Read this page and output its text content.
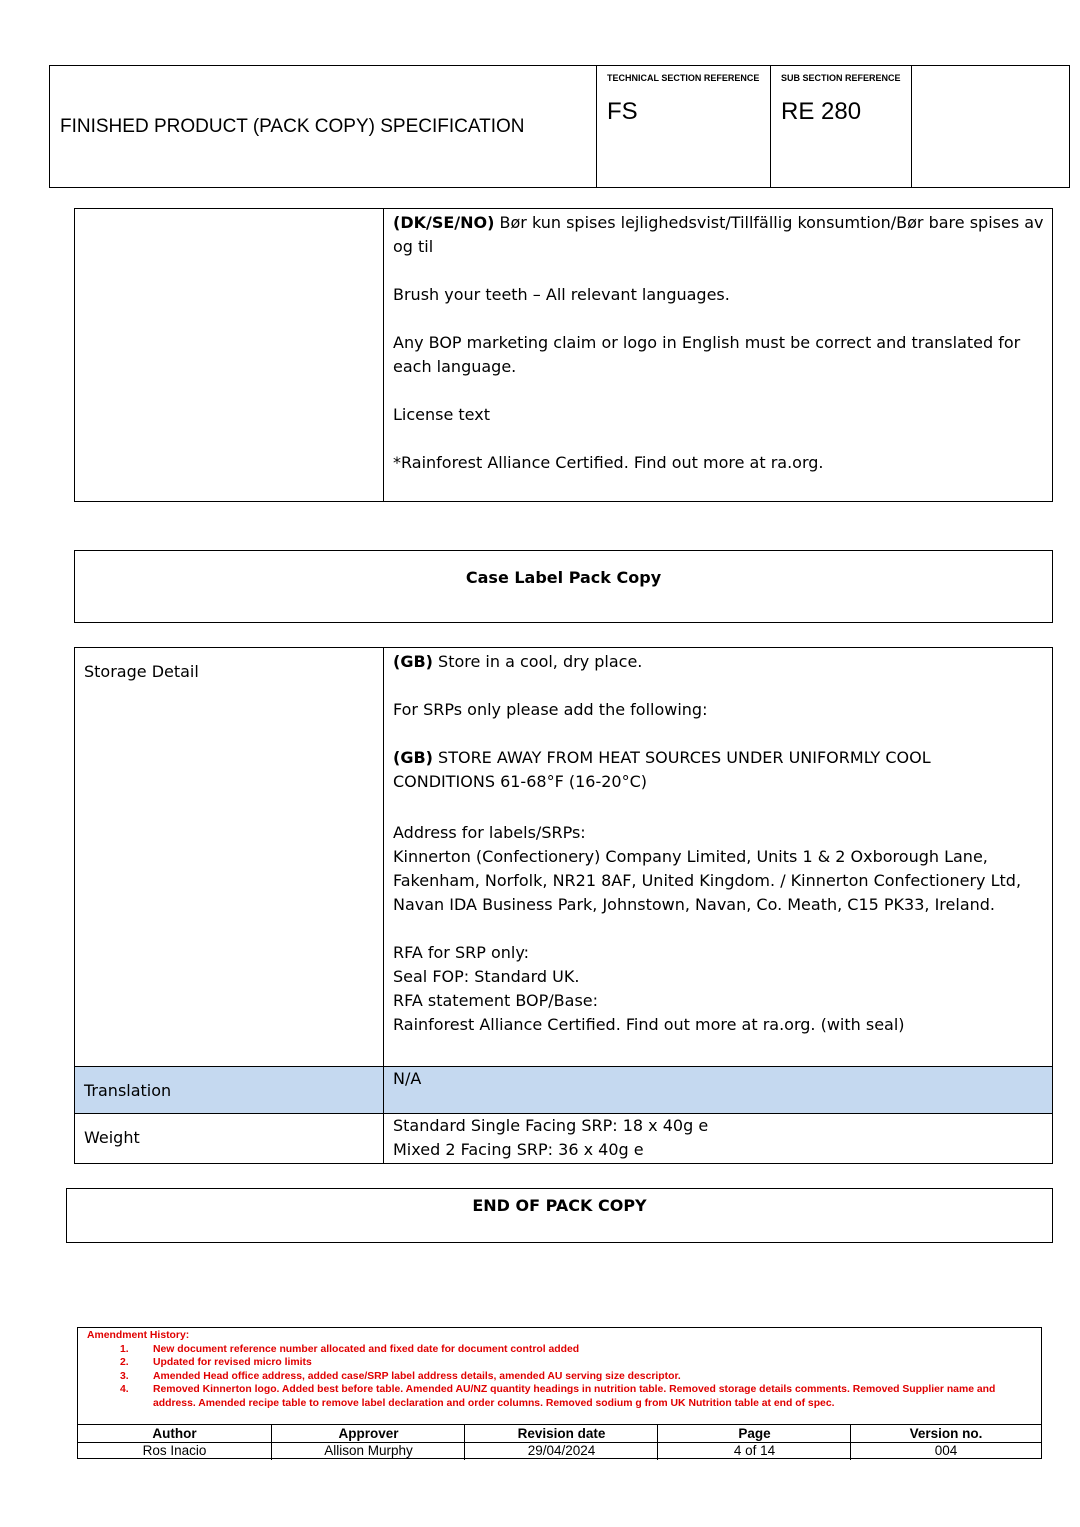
FINISHED PRODUCT (PACK COPY) SPECIFICATION
TECHNICAL SECTION REFERENCE
FS
SUB SECTION REFERENCE
RE 280

(DK/SE/NO) Bør kun spises lejlighedsvist/Tillfällig konsumtion/Bør bare spises av og til

Brush your teeth – All relevant languages.

Any BOP marketing claim or logo in English must be correct and translated for each language.

License text

*Rainforest Alliance Certified. Find out more at ra.org.

Case Label Pack Copy
Storage Detail

(GB) Store in a cool, dry place.

For SRPs only please add the following:

(GB) STORE AWAY FROM HEAT SOURCES UNDER UNIFORMLY COOL CONDITIONS 61-68°F (16-20°C)

Address for labels/SRPs:

Kinnerton (Confectionery) Company Limited, Units 1 & 2 Oxborough Lane, Fakenham, Norfolk, NR21 8AF, United Kingdom. / Kinnerton Confectionery Ltd, Navan IDA Business Park, Johnstown, Navan, Co. Meath, C15 PK33, Ireland.

RFA for SRP only:

Seal FOP: Standard UK.

RFA statement BOP/Base:

Rainforest Alliance Certified. Find out more at ra.org. (with seal)

Translation

N/A

Weight

Standard Single Facing SRP: 18 x 40g e

Mixed 2 Facing SRP: 36 x 40g e

END OF PACK COPY
Amendment History:
1. New document reference number allocated and fixed date for document control added
2. Updated for revised micro limits
3. Amended Head office address, added case/SRP label address details, amended AU serving size descriptor.
4. Removed Kinnerton logo. Added best before table. Amended AU/NZ quantity headings in nutrition table. Removed storage details comments. Removed Supplier name and address. Amended recipe table to remove label declaration and order columns. Removed sodium g from UK Nutrition table at end of spec.
Author
Ros Inacio
Approver
Allison Murphy
Revision date
29/04/2024
Page
4 of 14
Version no.
004
